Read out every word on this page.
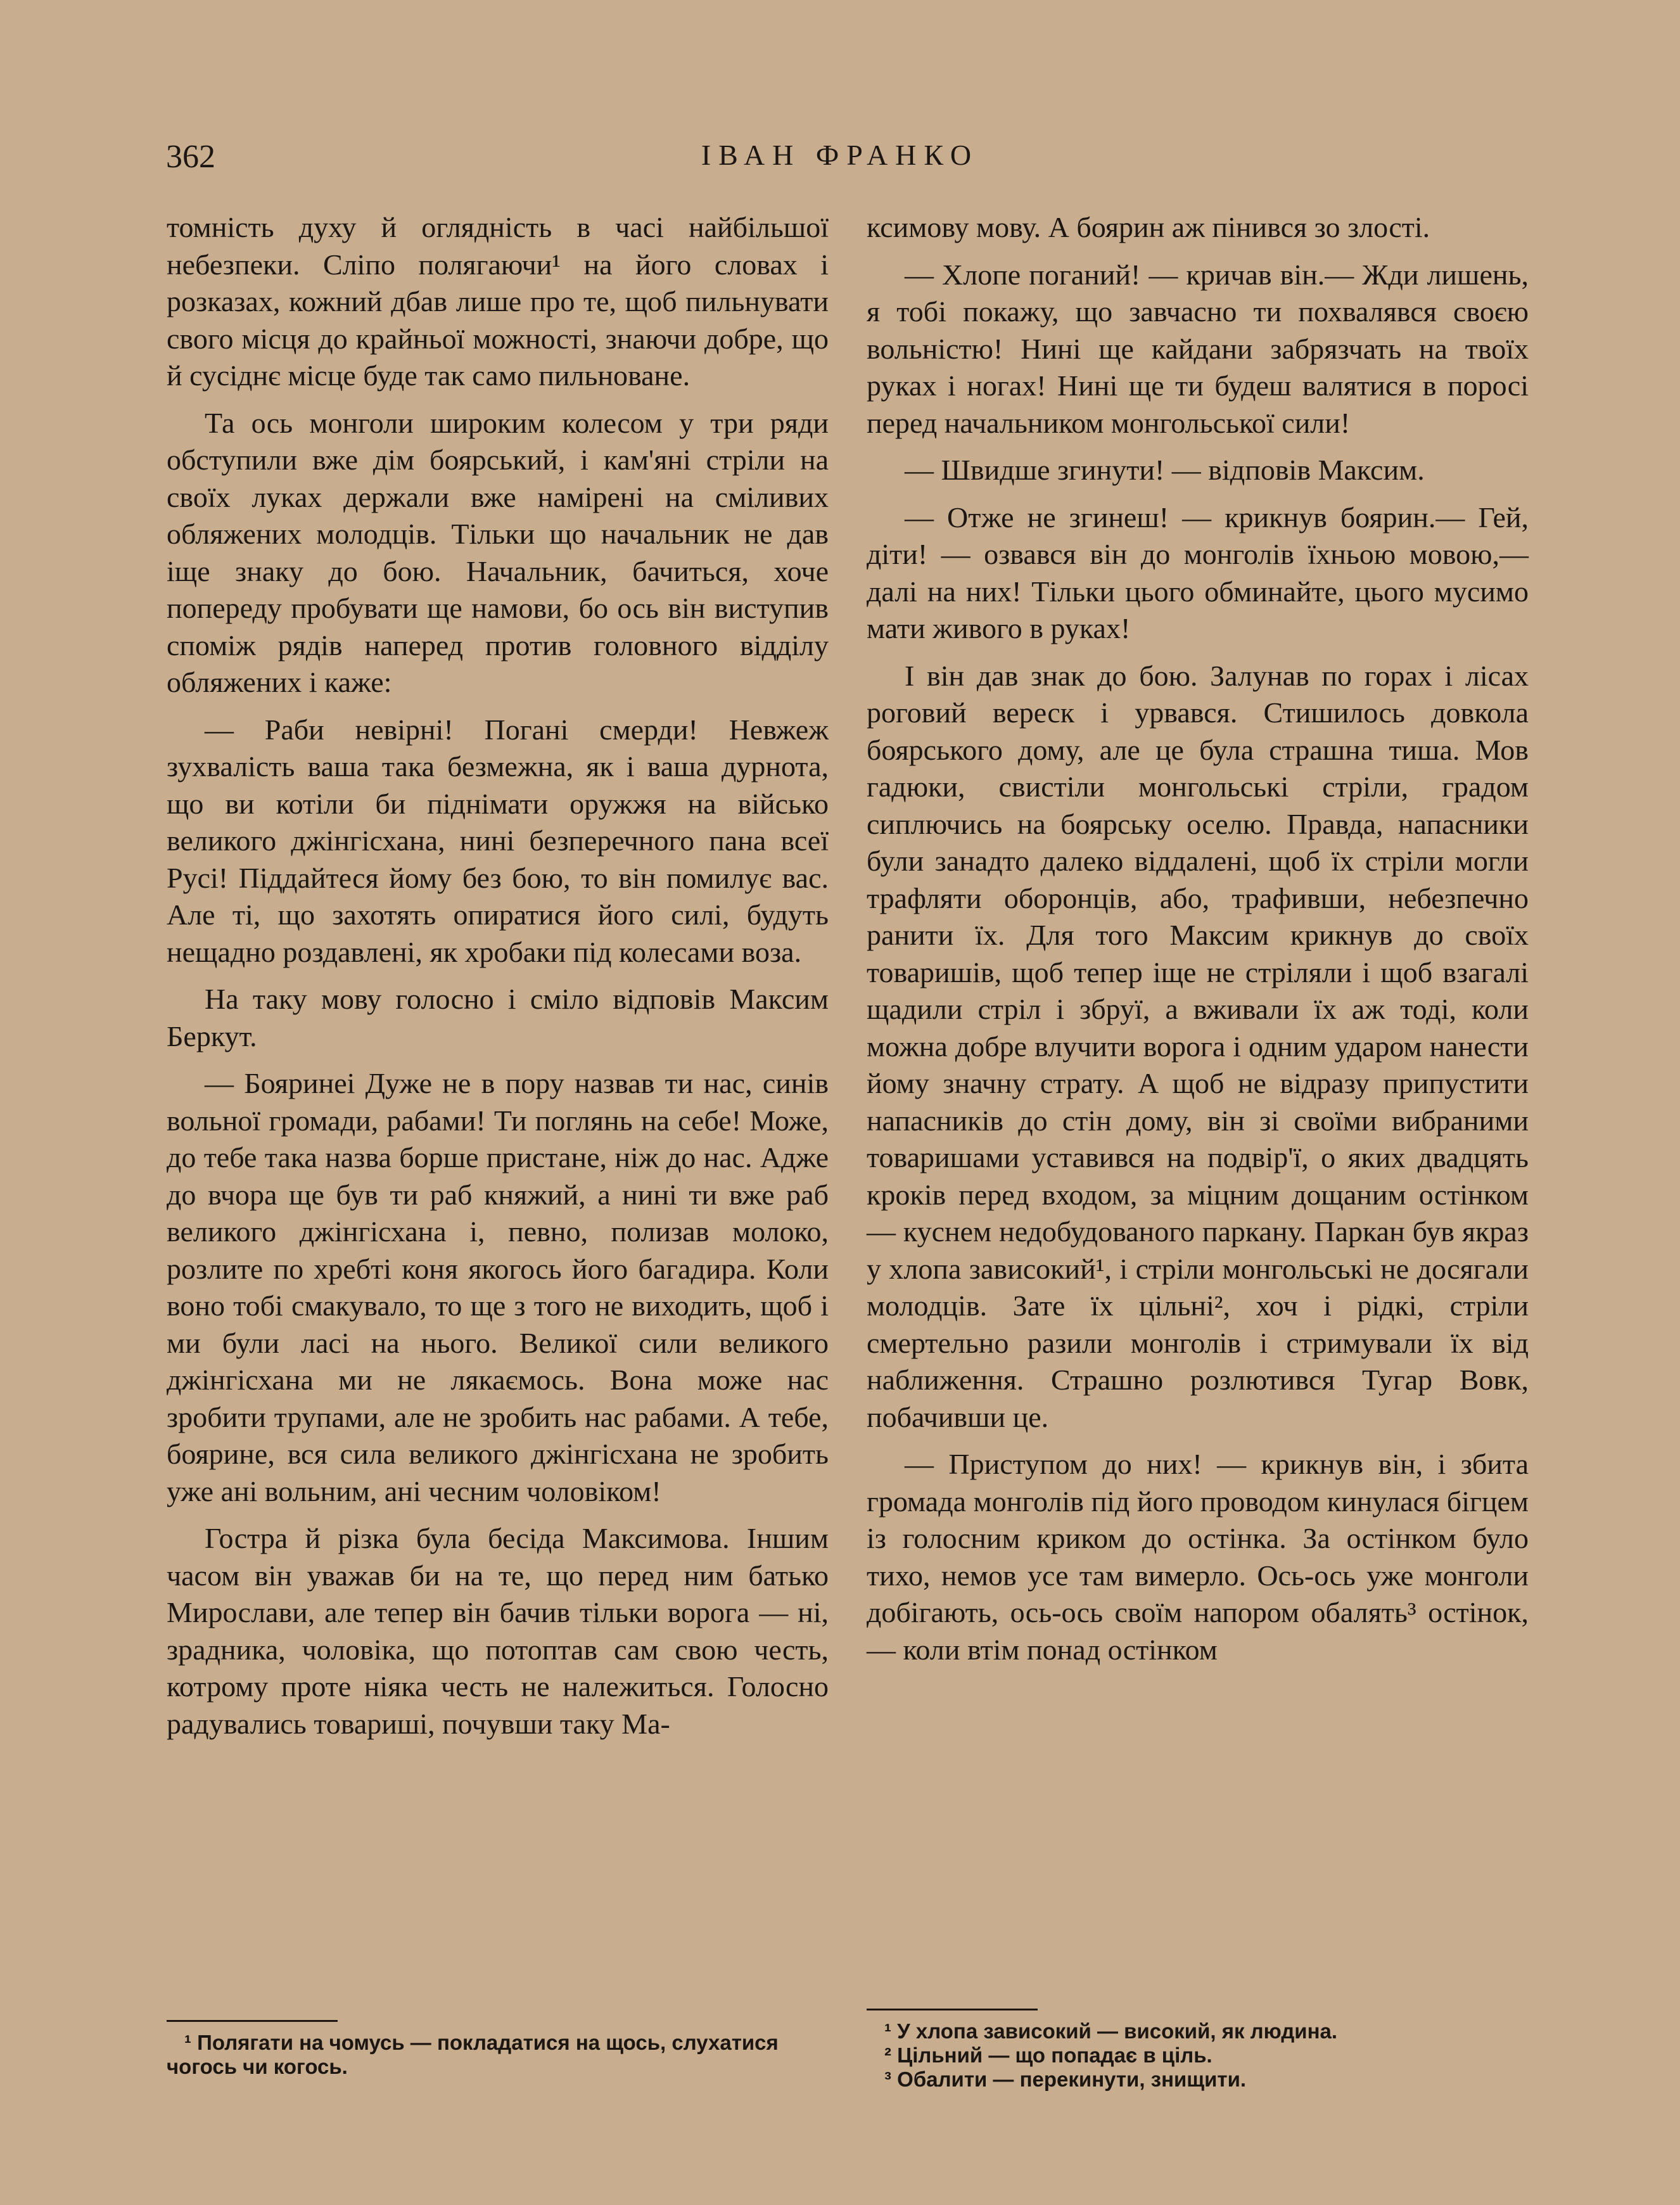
362	ІВАН ФРАНКО

томність духу й оглядність в часі найбільшої небезпеки. Сліпо полягаючи¹ на його словах і розказах, кожний дбав лише про те, щоб пильнувати свого місця до крайньої можності, знаючи добре, що й сусіднє місце буде так само пильноване.

Та ось монголи широким колесом у три ряди обступили вже дім боярський, і кам'яні стріли на своїх луках держали вже намірені на сміливих обляжених молодців. Тільки що начальник не дав іще знаку до бою. Начальник, бачиться, хоче попереду пробувати ще намови, бо ось він виступив споміж рядів наперед против головного відділу обляжених і каже:

— Раби невірні! Погані смерди! Невжеж зухвалість ваша така безмежна, як і ваша дурнота, що ви котіли би піднімати оружжя на військо великого джінгісхана, нині безперечного пана всеї Русі! Піддайтеся йому без бою, то він помилує вас. Але ті, що захотять опиратися його силі, будуть нещадно роздавлені, як хробаки під колесами воза.

На таку мову голосно і сміло відповів Максим Беркут.

— Бояринеі Дуже не в пору назвав ти нас, синів вольної громади, рабами! Ти поглянь на себе! Може, до тебе така назва борше пристане, ніж до нас. Адже до вчора ще був ти раб княжий, а нині ти вже раб великого джінгісхана і, певно, полизав молоко, розлите по хребті коня якогось його багадира. Коли воно тобі смакувало, то ще з того не виходить, щоб і ми були ласі на нього. Великої сили великого джінгісхана ми не лякаємось. Вона може нас зробити трупами, але не зробить нас рабами. А тебе, бояринe, вся сила великого джінгісхана не зробить уже ані вольним, ані чесним чоловіком!

Гостра й різка була бесіда Максимова. Іншим часом він уважав би на те, що перед ним батько Мирослави, але тепер він бачив тільки ворога — ні, зрадника, чоловіка, що потоптав сам свою честь, котрому проте ніяка честь не належиться. Голосно радувались товариші, почувши таку Ма-

ксимову мову. А боярин аж пінився зо злості.

— Хлопе поганий! — кричав він.— Жди лишень, я тобі покажу, що завчасно ти похвалявся своєю вольністю! Нині ще кайдани забрязчать на твоїх руках і ногах! Нині ще ти будеш валятися в поросі перед начальником монгольської сили!

— Швидше згинути! — відповів Максим.

— Отже не згинеш! — крикнув боярин.— Гей, діти! — озвався він до монголів їхньою мовою,— далі на них! Тільки цього обминайте, цього мусимо мати живого в руках!

І він дав знак до бою. Залунав по горах і лісах роговий вереск і урвався. Стишилось довкола боярського дому, але це була страшна тиша. Мов гадюки, свистіли монгольські стріли, градом сиплючись на боярську оселю. Правда, напасники були занадто далеко віддалені, щоб їх стріли могли трафляти оборонців, або, трафивши, небезпечно ранити їх. Для того Максим крикнув до своїх товаришів, щоб тепер іще не стріляли і щоб взагалі щадили стріл і збруї, а вживали їх аж тоді, коли можна добре влучити ворога і одним ударом нанести йому значну страту. А щоб не відразу припустити напасників до стін дому, він зі своїми вибраними товаришами уставився на подвір'ї, о яких двадцять кроків перед входом, за міцним дощаним остінком — куснем недобудованого паркану. Паркан був якраз у хлопа зависокий¹, і стріли монгольські не досягали молодців. Зате їх цільні², хоч і рідкі, стріли смертельно разили монголів і стримували їх від наближення. Страшно розлютився Тугар Вовк, побачивши це.

— Приступом до них! — крикнув він, і збита громада монголів під його проводом кинулася бігцем із голосним криком до остінка. За остінком було тихо, немов усе там вимерло. Ось-ось уже монголи добігають, ось-ось своїм напором обалять³ остінок,— коли втім понад остінком

¹ Полягати на чомусь — покладатися на щось, слухатися чогось чи когось.

¹ У хлопа зависокий — високий, як людина.

² Цільний — що попадає в ціль.

³ Обалити — перекинути, знищити.
